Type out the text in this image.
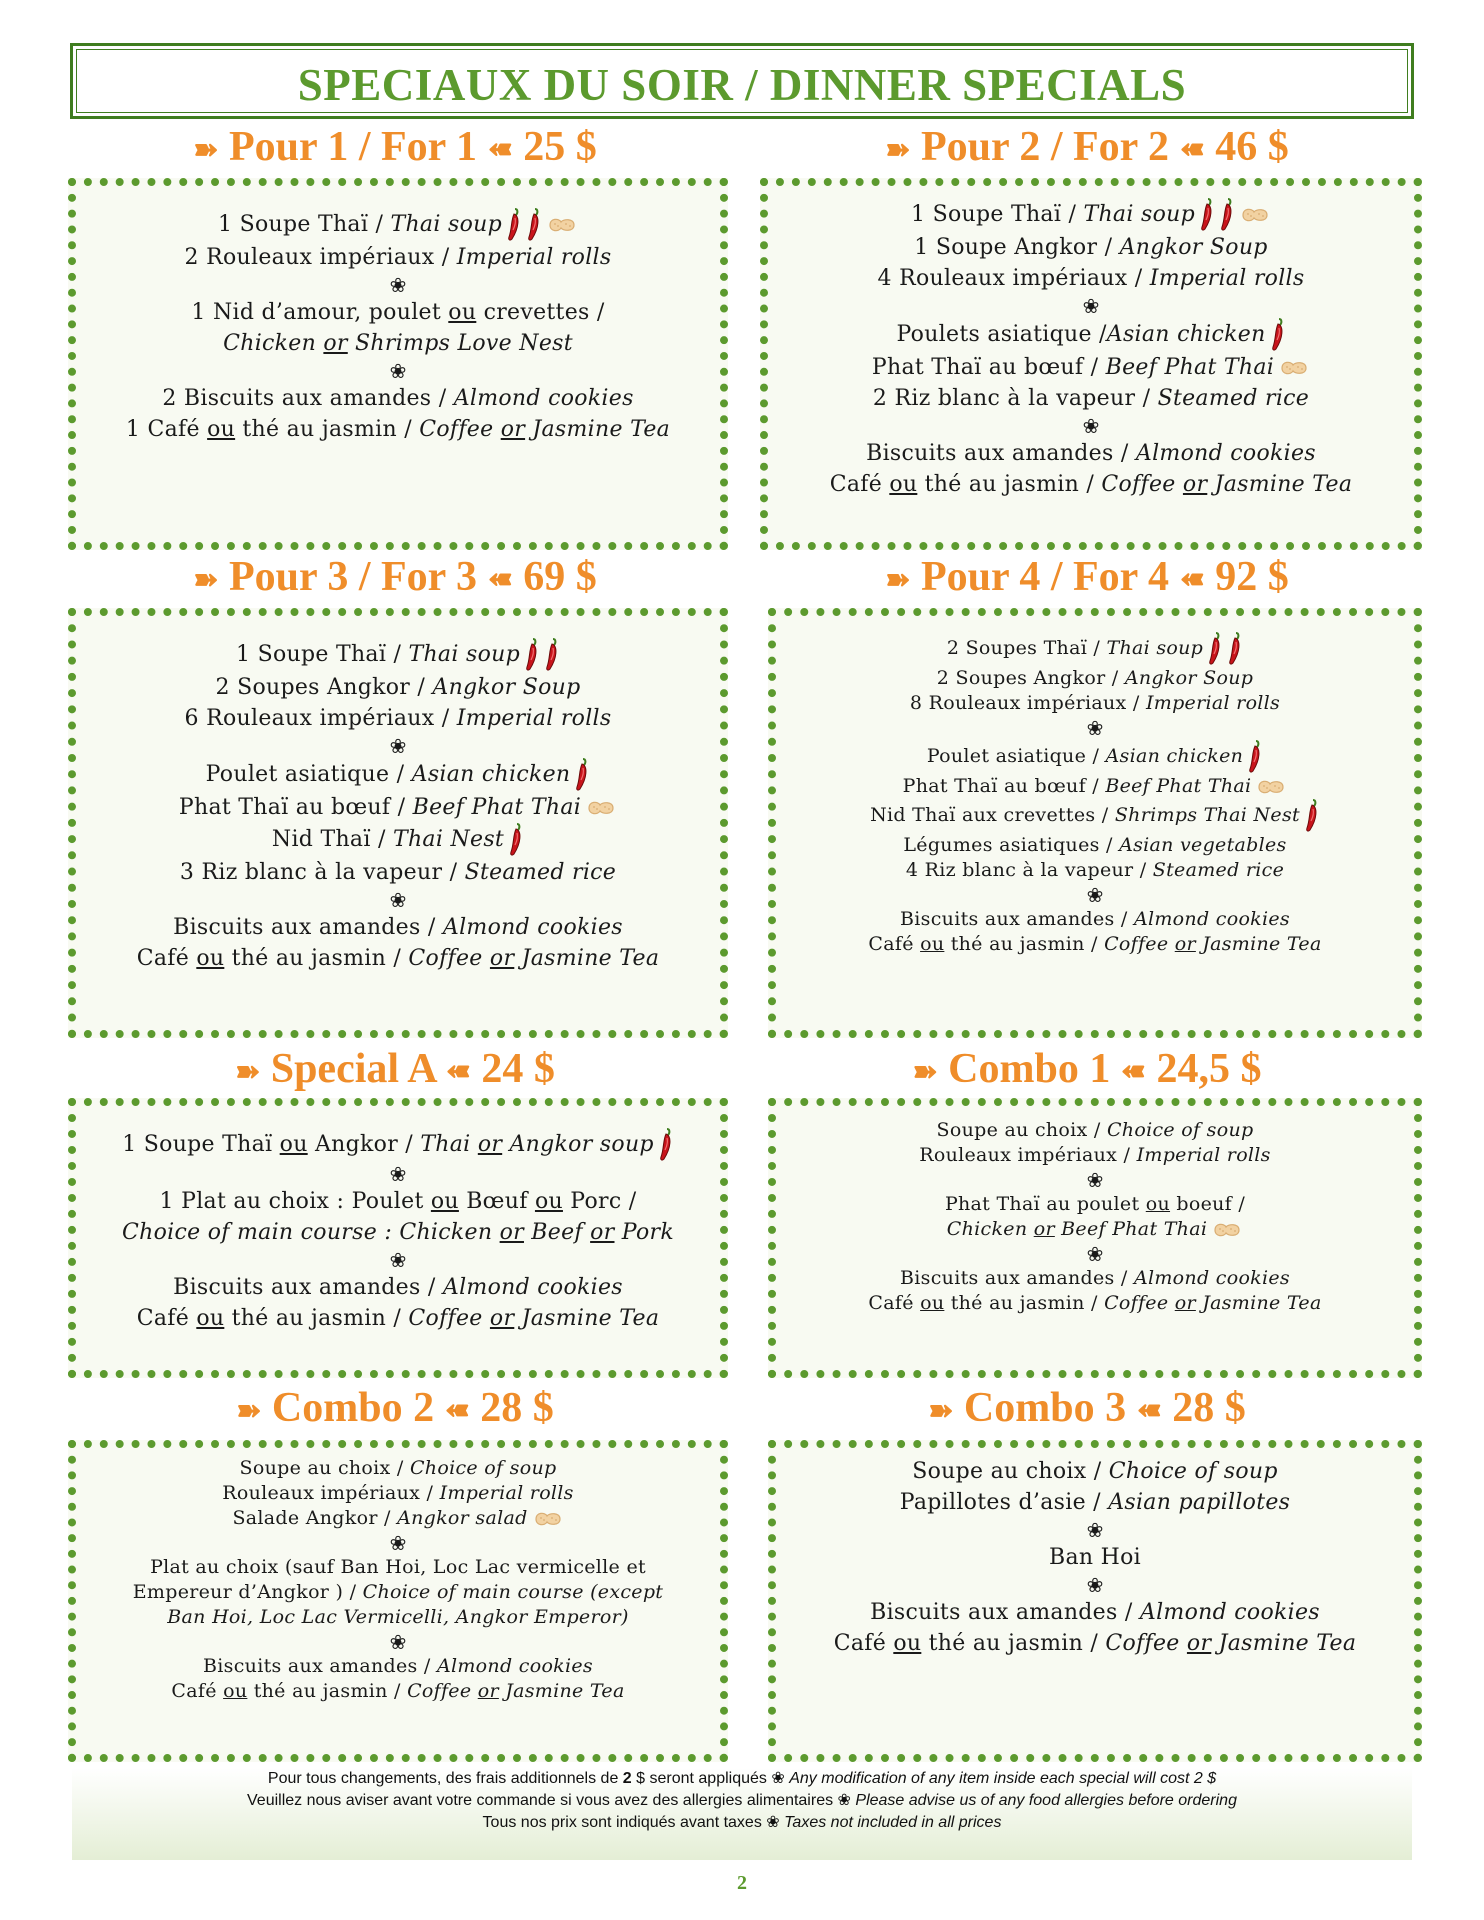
SPECIAUX DU SOIR / DINNER SPECIALS
➽ Pour 1 / For 1 ➽ 25 $	➽ Pour 2 / For 2 ➽ 46 $
➽ Pour 3 / For 3 ➽ 69 $	➽ Pour 4 / For 4 ➽ 92 $
➽ Special A ➽ 24 $	➽ Combo 1 ➽ 24,5 $
➽ Combo 2 ➽ 28 $	➽ Combo 3 ➽ 28 $
1 Soupe Thaï / Thai soup
2 Rouleaux impériaux / Imperial rolls
❀
1 Nid d’amour, poulet ou crevettes /
Chicken or Shrimps Love Nest
❀
2 Biscuits aux amandes / Almond cookies
1 Café ou thé au jasmin / Coffee or Jasmine Tea
1 Soupe Thaï / Thai soup
1 Soupe Angkor / Angkor Soup
4 Rouleaux impériaux / Imperial rolls
❀
Poulets asiatique /Asian chicken
Phat Thaï au bœuf / Beef Phat Thai
2 Riz blanc à la vapeur / Steamed rice
❀
Biscuits aux amandes / Almond cookies
Café ou thé au jasmin / Coffee or Jasmine Tea
1 Soupe Thaï / Thai soup
2 Soupes Angkor / Angkor Soup
6 Rouleaux impériaux / Imperial rolls
❀
Poulet asiatique / Asian chicken
Phat Thaï au bœuf / Beef Phat Thai
Nid Thaï / Thai Nest
3 Riz blanc à la vapeur / Steamed rice
❀
Biscuits aux amandes / Almond cookies
Café ou thé au jasmin / Coffee or Jasmine Tea
2 Soupes Thaï / Thai soup
2 Soupes Angkor / Angkor Soup
8 Rouleaux impériaux / Imperial rolls
❀
Poulet asiatique / Asian chicken
Phat Thaï au bœuf / Beef Phat Thai
Nid Thaï aux crevettes / Shrimps Thai Nest
Légumes asiatiques / Asian vegetables
4 Riz blanc à la vapeur / Steamed rice
❀
Biscuits aux amandes / Almond cookies
Café ou thé au jasmin / Coffee or Jasmine Tea
1 Soupe Thaï ou Angkor / Thai or Angkor soup
❀
1 Plat au choix : Poulet ou Bœuf ou Porc /
Choice of main course : Chicken or Beef or Pork
❀
Biscuits aux amandes / Almond cookies
Café ou thé au jasmin / Coffee or Jasmine Tea
Soupe au choix / Choice of soup
Rouleaux impériaux / Imperial rolls
❀
Phat Thaï au poulet ou boeuf /
Chicken or Beef Phat Thai
❀
Biscuits aux amandes / Almond cookies
Café ou thé au jasmin / Coffee or Jasmine Tea
Soupe au choix / Choice of soup
Rouleaux impériaux / Imperial rolls
Salade Angkor / Angkor salad
❀
Plat au choix (sauf Ban Hoi, Loc Lac vermicelle et
Empereur d’Angkor ) / Choice of main course (except
Ban Hoi, Loc Lac Vermicelli, Angkor Emperor)
❀
Biscuits aux amandes / Almond cookies
Café ou thé au jasmin / Coffee or Jasmine Tea
Soupe au choix / Choice of soup
Papillotes d’asie / Asian papillotes
❀
Ban Hoi
❀
Biscuits aux amandes / Almond cookies
Café ou thé au jasmin / Coffee or Jasmine Tea
Pour tous changements, des frais additionnels de 2 $ seront appliqués ❀ Any modification of any item inside each special will cost 2 $
Veuillez nous aviser avant votre commande si vous avez des allergies alimentaires ❀ Please advise us of any food allergies before ordering
Tous nos prix sont indiqués avant taxes ❀ Taxes not included in all prices
2
